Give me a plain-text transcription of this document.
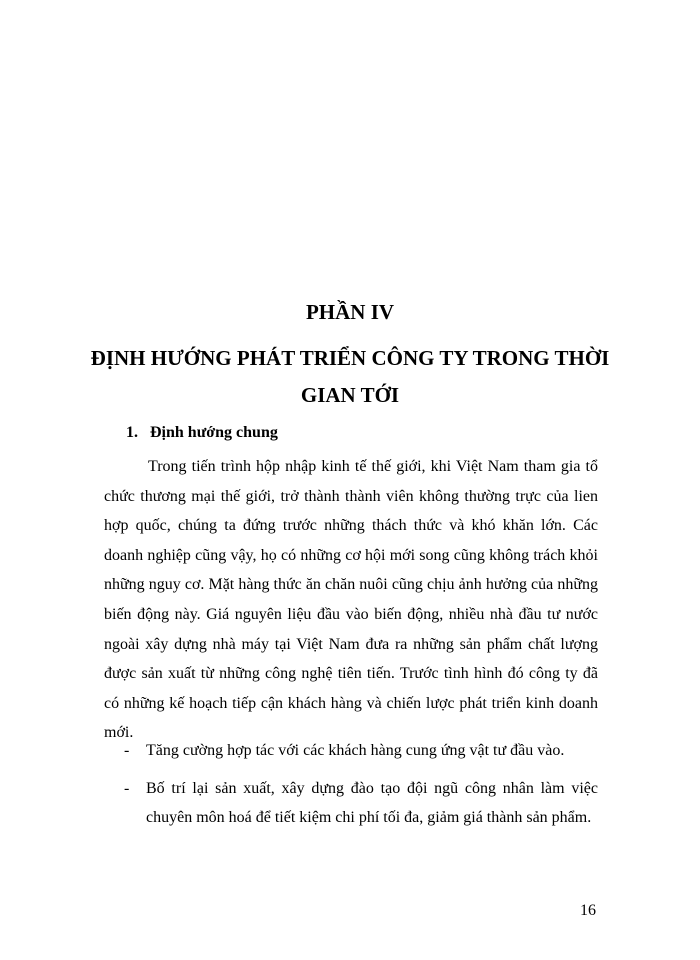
PHẦN IV
ĐỊNH HƯỚNG PHÁT TRIỂN CÔNG TY TRONG THỜI GIAN TỚI
1. Định hướng chung

Trong tiến trình hộp nhập kinh tế thế giới, khi Việt Nam tham gia tổ chức thương mại thế giới, trở thành thành viên không thường trực của lien hợp quốc, chúng ta đứng trước những thách thức và khó khăn lớn. Các doanh nghiệp cũng vậy, họ có những cơ hội mới song cũng không trách khỏi những nguy cơ. Mặt hàng thức ăn chăn nuôi cũng chịu ảnh hưởng của những biến động này. Giá nguyên liệu đầu vào biến động, nhiều nhà đầu tư nước ngoài xây dựng nhà máy tại Việt Nam đưa ra những sản phẩm chất lượng được sản xuất từ những công nghệ tiên tiến. Trước tình hình đó công ty đã có những kế hoạch tiếp cận khách hàng và chiến lược phát triển kinh doanh mới.

- Tăng cường hợp tác với các khách hàng cung ứng vật tư đầu vào.
- Bố trí lại sản xuất, xây dựng đào tạo đội ngũ công nhân làm việc chuyên môn hoá để tiết kiệm chi phí tối đa, giảm giá thành sản phẩm.
16
